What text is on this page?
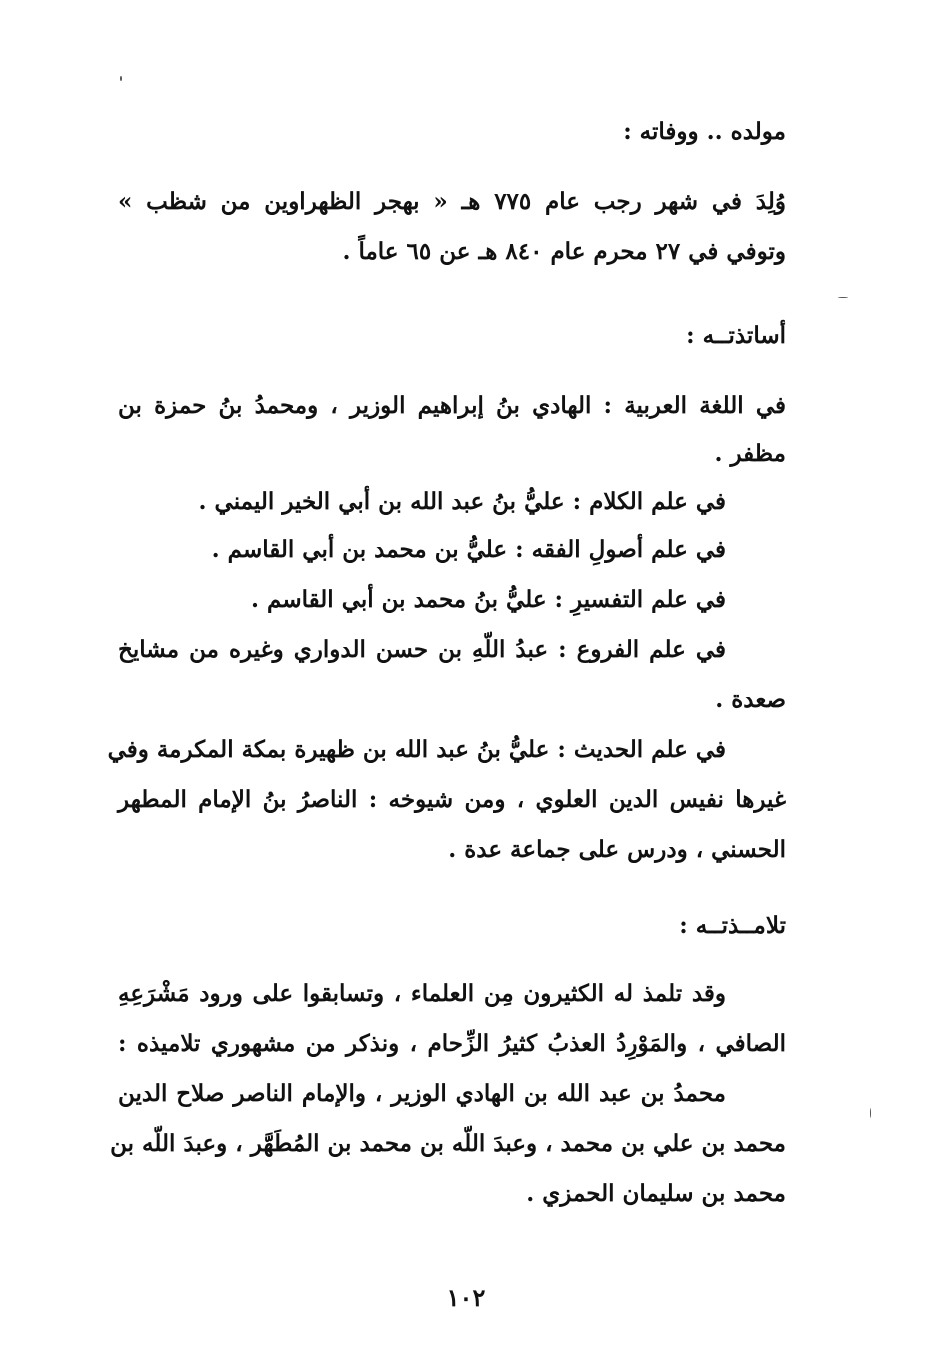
مولده .. ووفاته :
وُلِدَ في شهر رجب عام ٧٧٥ هـ « بهجر الظهراوين من شظب »
وتوفي في ٢٧ محرم عام ٨٤٠ هـ عن ٦٥ عاماً .
أساتذتــه :
في اللغة العربية : الهادي بنُ إبراهيم الوزير ، ومحمدُ بنُ حمزة بن
مظفر .
في علم الكلام : عليُّ بنُ عبد الله بن أبي الخير اليمني .
في علم أصولِ الفقه : عليُّ بن محمد بن أبي القاسم .
في علم التفسيرِ : عليُّ بنُ محمد بن أبي القاسم .
في علم الفروع : عبدُ اللّهِ بن حسن الدواري وغيره من مشايخ
صعدة .
في علم الحديث : عليُّ بنُ عبد الله بن ظهيرة بمكة المكرمة وفي
غيرها نفيس الدين العلوي ، ومن شيوخه : الناصرُ بنُ الإمام المطهر
الحسني ، ودرس على جماعة عدة .
تلامــذتــه :
وقد تلمذ له الكثيرون مِن العلماء ، وتسابقوا على ورود مَشْرَعِهِ
الصافي ، والمَوْرِدُ العذبُ كثيرُ الزِّحام ، ونذكر من مشهوري تلاميذه :
محمدُ بن عبد الله بن الهادي الوزير ، والإمام الناصر صلاح الدين
محمد بن علي بن محمد ، وعبدَ اللّه بن محمد بن المُطَهَّر ، وعبدَ اللّه بن
محمد بن سليمان الحمزي .
١٠٢
